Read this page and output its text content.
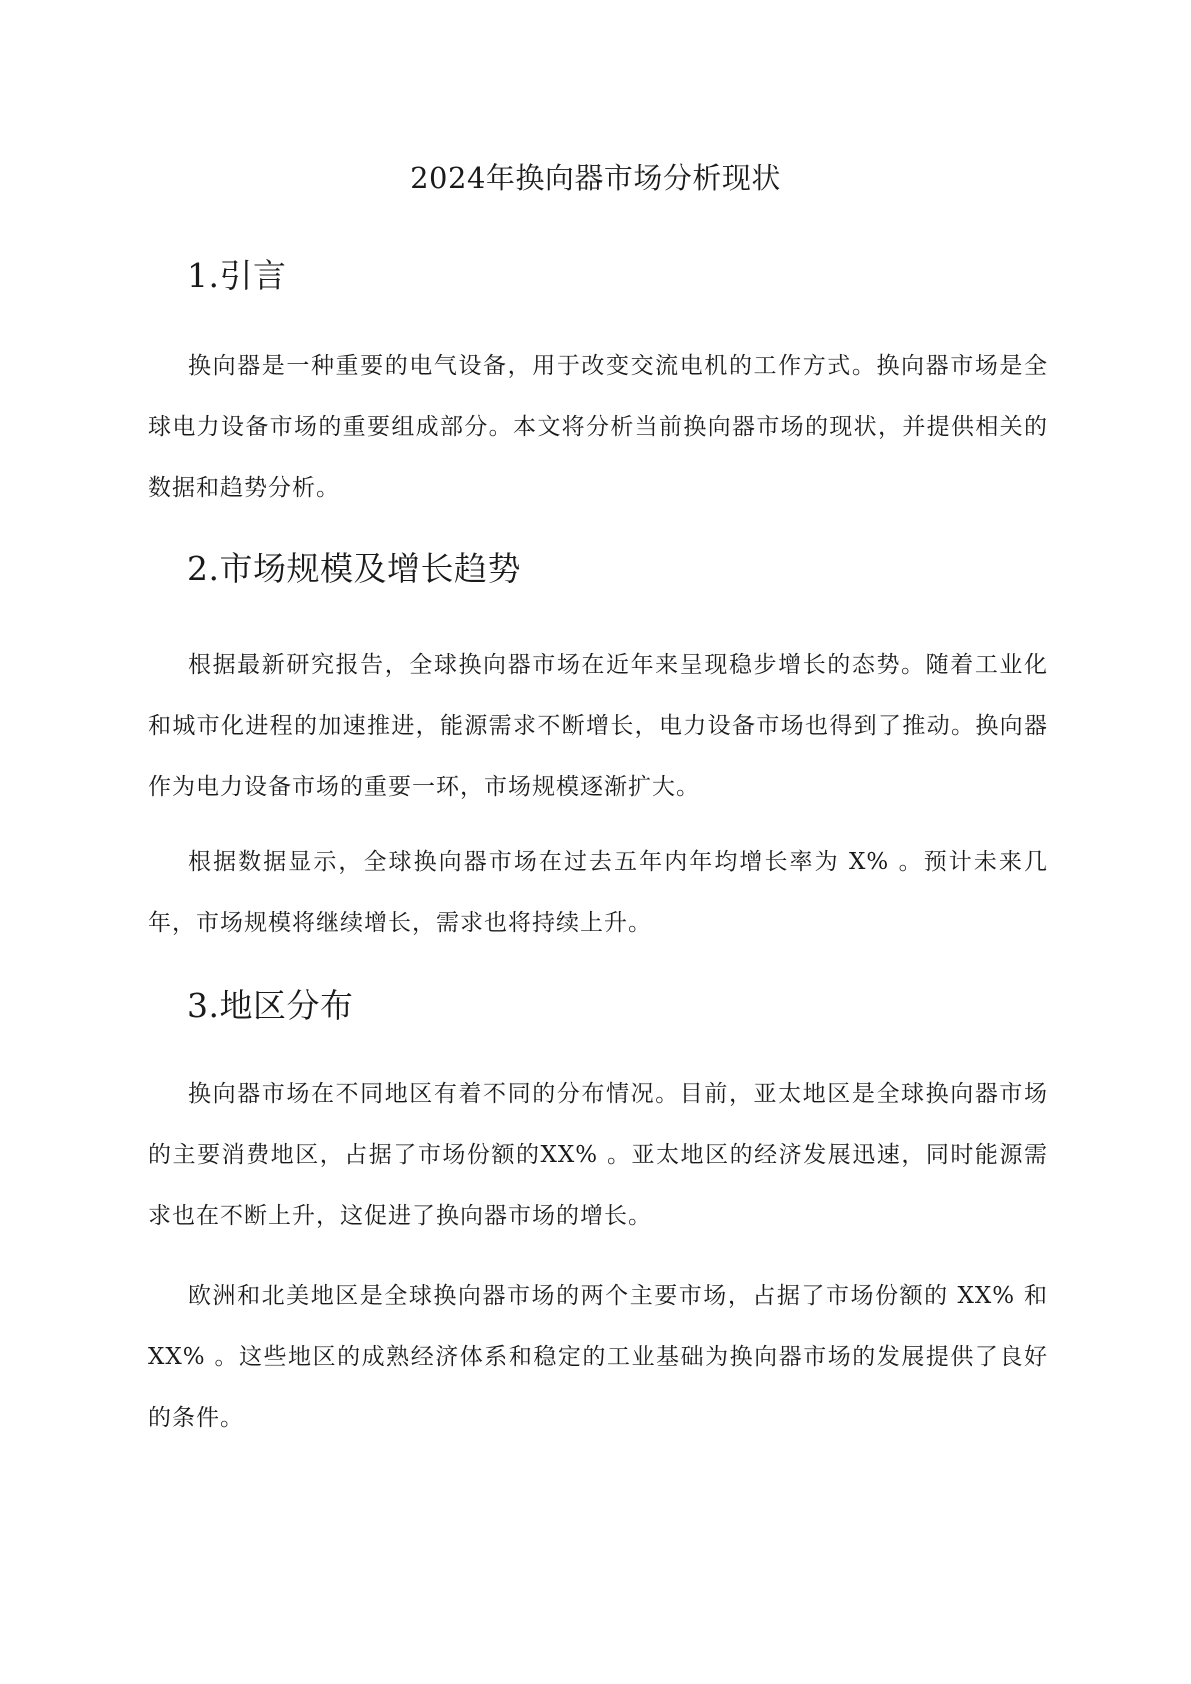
2024年换向器市场分析现状
1.引言

换向器是一种重要的电气设备，用于改变交流电机的工作方式。换向器市场是全球电力设备市场的重要组成部分。本文将分析当前换向器市场的现状，并提供相关的数据和趋势分析。

2.市场规模及增长趋势

根据最新研究报告，全球换向器市场在近年来呈现稳步增长的态势。随着工业化和城市化进程的加速推进，能源需求不断增长，电力设备市场也得到了推动。换向器作为电力设备市场的重要一环，市场规模逐渐扩大。

根据数据显示，全球换向器市场在过去五年内年均增长率为 X% 。预计未来几年，市场规模将继续增长，需求也将持续上升。

3.地区分布

换向器市场在不同地区有着不同的分布情况。目前，亚太地区是全球换向器市场的主要消费地区，占据了市场份额的XX% 。亚太地区的经济发展迅速，同时能源需求也在不断上升，这促进了换向器市场的增长。

欧洲和北美地区是全球换向器市场的两个主要市场，占据了市场份额的 XX% 和XX% 。这些地区的成熟经济体系和稳定的工业基础为换向器市场的发展提供了良好的条件。
